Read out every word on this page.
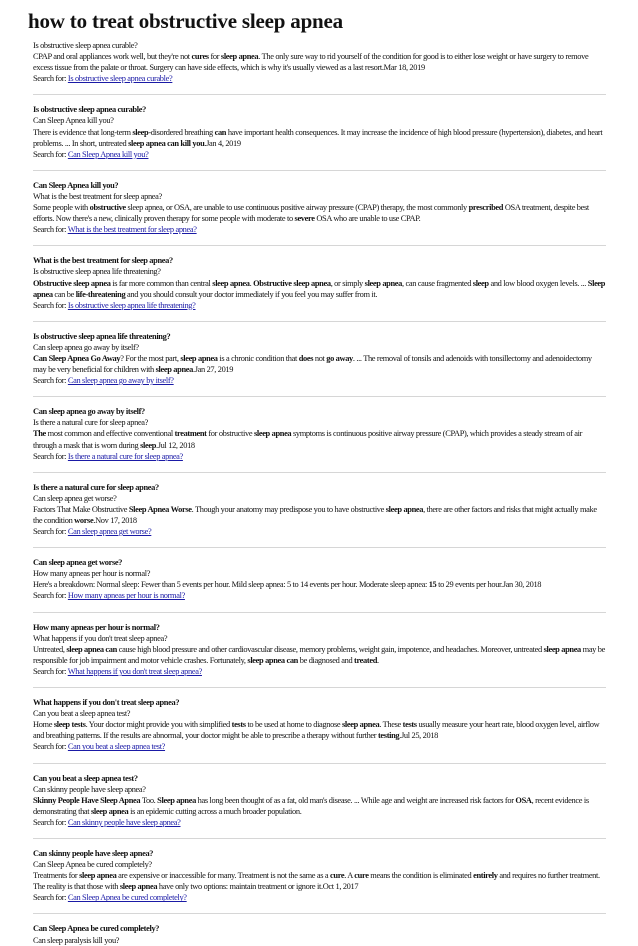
how to treat obstructive sleep apnea
Is obstructive sleep apnea curable?
CPAP and oral appliances work well, but they're not cures for sleep apnea. The only sure way to rid yourself of the condition for good is to either lose weight or have surgery to remove excess tissue from the palate or throat. Surgery can have side effects, which is why it's usually viewed as a last resort.Mar 18, 2019
Search for: Is obstructive sleep apnea curable?
Is obstructive sleep apnea curable?
Can Sleep Apnea kill you?
There is evidence that long-term sleep-disordered breathing can have important health consequences. It may increase the incidence of high blood pressure (hypertension), diabetes, and heart problems. ... In short, untreated sleep apnea can kill you.Jan 4, 2019
Search for: Can Sleep Apnea kill you?
Can Sleep Apnea kill you?
What is the best treatment for sleep apnea?
Some people with obstructive sleep apnea, or OSA, are unable to use continuous positive airway pressure (CPAP) therapy, the most commonly prescribed OSA treatment, despite best efforts. Now there's a new, clinically proven therapy for some people with moderate to severe OSA who are unable to use CPAP.
Search for: What is the best treatment for sleep apnea?
What is the best treatment for sleep apnea?
Is obstructive sleep apnea life threatening?
Obstructive sleep apnea is far more common than central sleep apnea. Obstructive sleep apnea, or simply sleep apnea, can cause fragmented sleep and low blood oxygen levels. ... Sleep apnea can be life-threatening and you should consult your doctor immediately if you feel you may suffer from it.
Search for: Is obstructive sleep apnea life threatening?
Is obstructive sleep apnea life threatening?
Can sleep apnea go away by itself?
Can Sleep Apnea Go Away? For the most part, sleep apnea is a chronic condition that does not go away. ... The removal of tonsils and adenoids with tonsillectomy and adenoidectomy may be very beneficial for children with sleep apnea.Jan 27, 2019
Search for: Can sleep apnea go away by itself?
Can sleep apnea go away by itself?
Is there a natural cure for sleep apnea?
The most common and effective conventional treatment for obstructive sleep apnea symptoms is continuous positive airway pressure (CPAP), which provides a steady stream of air through a mask that is worn during sleep.Jul 12, 2018
Search for: Is there a natural cure for sleep apnea?
Is there a natural cure for sleep apnea?
Can sleep apnea get worse?
Factors That Make Obstructive Sleep Apnea Worse. Though your anatomy may predispose you to have obstructive sleep apnea, there are other factors and risks that might actually make the condition worse.Nov 17, 2018
Search for: Can sleep apnea get worse?
Can sleep apnea get worse?
How many apneas per hour is normal?
Here's a breakdown: Normal sleep: Fewer than 5 events per hour. Mild sleep apnea: 5 to 14 events per hour. Moderate sleep apnea: 15 to 29 events per hour.Jan 30, 2018
Search for: How many apneas per hour is normal?
How many apneas per hour is normal?
What happens if you don't treat sleep apnea?
Untreated, sleep apnea can cause high blood pressure and other cardiovascular disease, memory problems, weight gain, impotence, and headaches. Moreover, untreated sleep apnea may be responsible for job impairment and motor vehicle crashes. Fortunately, sleep apnea can be diagnosed and treated.
Search for: What happens if you don't treat sleep apnea?
What happens if you don't treat sleep apnea?
Can you beat a sleep apnea test?
Home sleep tests. Your doctor might provide you with simplified tests to be used at home to diagnose sleep apnea. These tests usually measure your heart rate, blood oxygen level, airflow and breathing patterns. If the results are abnormal, your doctor might be able to prescribe a therapy without further testing.Jul 25, 2018
Search for: Can you beat a sleep apnea test?
Can you beat a sleep apnea test?
Can skinny people have sleep apnea?
Skinny People Have Sleep Apnea Too. Sleep apnea has long been thought of as a fat, old man's disease. ... While age and weight are increased risk factors for OSA, recent evidence is demonstrating that sleep apnea is an epidemic cutting across a much broader population.
Search for: Can skinny people have sleep apnea?
Can skinny people have sleep apnea?
Can Sleep Apnea be cured completely?
Treatments for sleep apnea are expensive or inaccessible for many. Treatment is not the same as a cure. A cure means the condition is eliminated entirely and requires no further treatment. The reality is that those with sleep apnea have only two options: maintain treatment or ignore it.Oct 1, 2017
Search for: Can Sleep Apnea be cured completely?
Can Sleep Apnea be cured completely?
Can sleep paralysis kill you?
